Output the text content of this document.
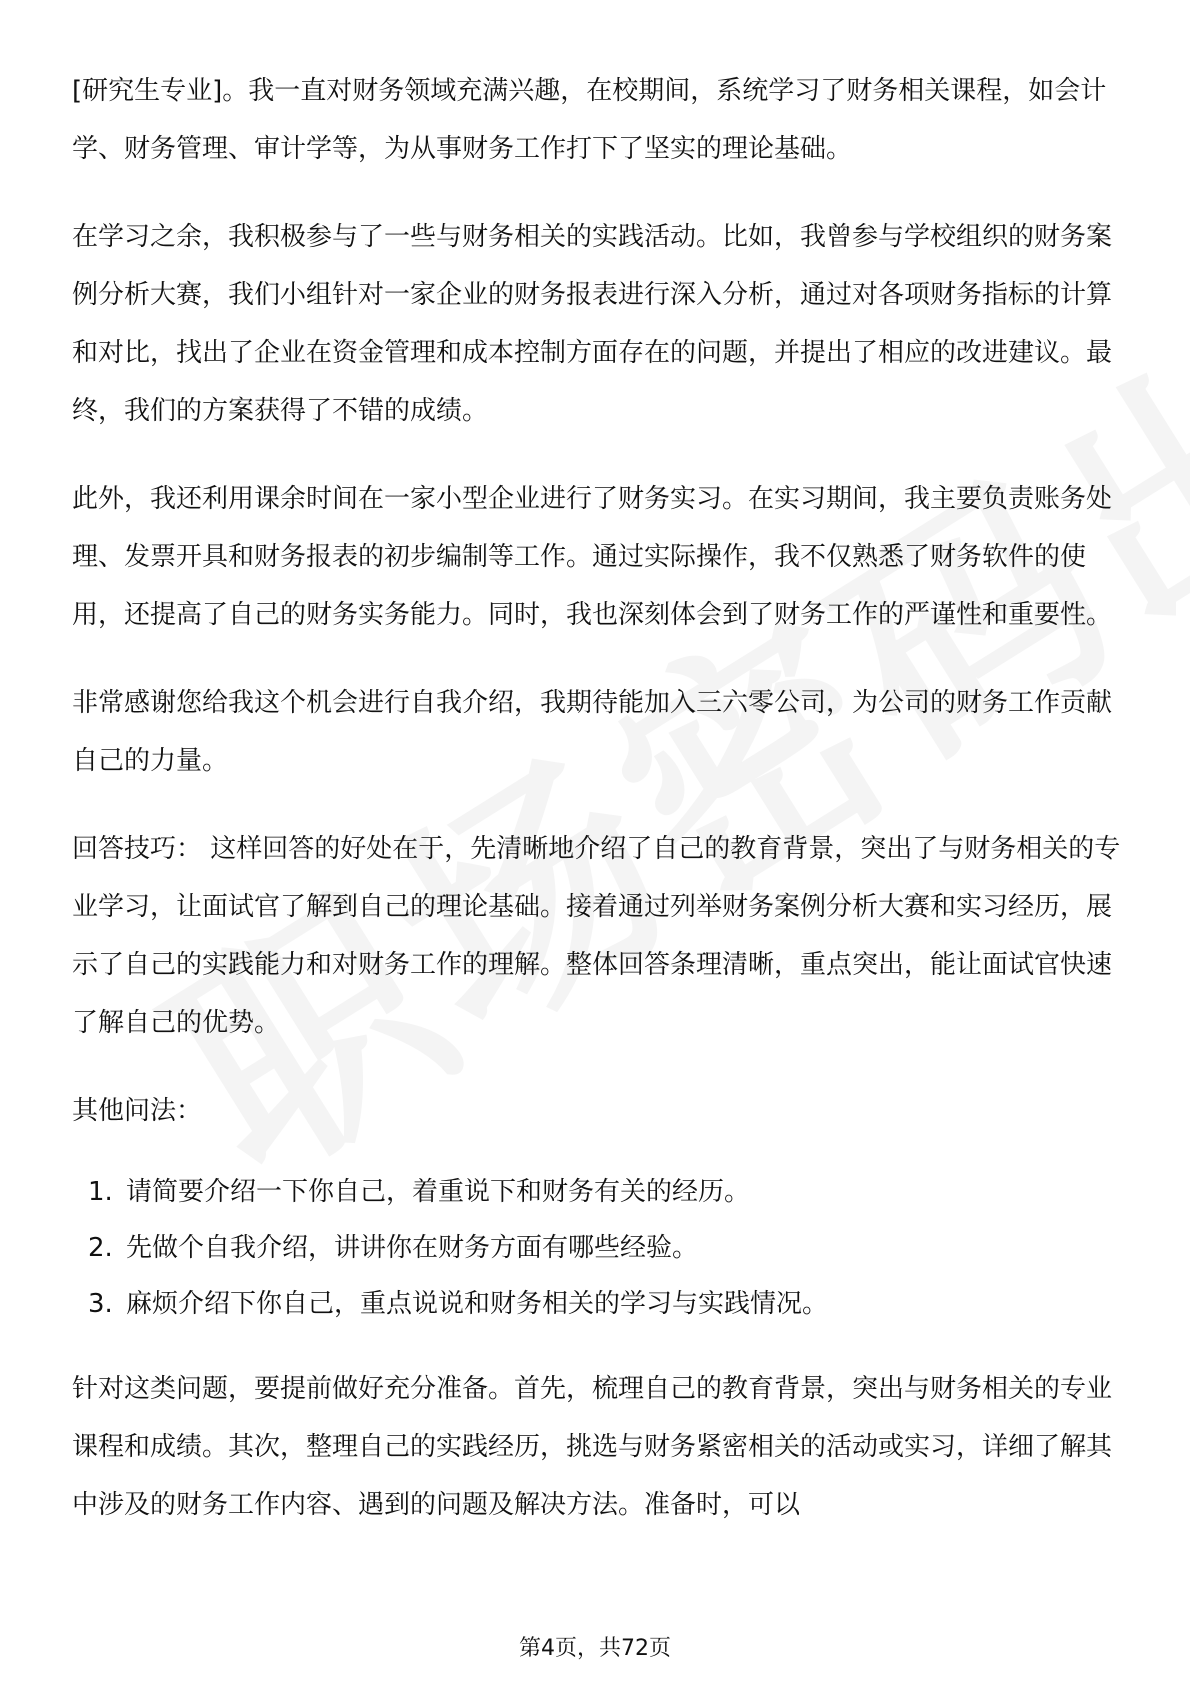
[研究生专业]。我一直对财务领域充满兴趣，在校期间，系统学习了财务相关课程，如会计学、财务管理、审计学等，为从事财务工作打下了坚实的理论基础。

在学习之余，我积极参与了一些与财务相关的实践活动。比如，我曾参与学校组织的财务案例分析大赛，我们小组针对一家企业的财务报表进行深入分析，通过对各项财务指标的计算和对比，找出了企业在资金管理和成本控制方面存在的问题，并提出了相应的改进建议。最终，我们的方案获得了不错的成绩。

此外，我还利用课余时间在一家小型企业进行了财务实习。在实习期间，我主要负责账务处理、发票开具和财务报表的初步编制等工作。通过实际操作，我不仅熟悉了财务软件的使用，还提高了自己的财务实务能力。同时，我也深刻体会到了财务工作的严谨性和重要性。

非常感谢您给我这个机会进行自我介绍，我期待能加入三六零公司，为公司的财务工作贡献自己的力量。

回答技巧： 这样回答的好处在于，先清晰地介绍了自己的教育背景，突出了与财务相关的专业学习，让面试官了解到自己的理论基础。接着通过列举财务案例分析大赛和实习经历，展示了自己的实践能力和对财务工作的理解。整体回答条理清晰，重点突出，能让面试官快速了解自己的优势。

其他问法：

1. 请简要介绍一下你自己，着重说下和财务有关的经历。
2. 先做个自我介绍，讲讲你在财务方面有哪些经验。
3. 麻烦介绍下你自己，重点说说和财务相关的学习与实践情况。

针对这类问题，要提前做好充分准备。首先，梳理自己的教育背景，突出与财务相关的专业课程和成绩。其次，整理自己的实践经历，挑选与财务紧密相关的活动或实习，详细了解其中涉及的财务工作内容、遇到的问题及解决方法。准备时，可以

第4页，共72页
